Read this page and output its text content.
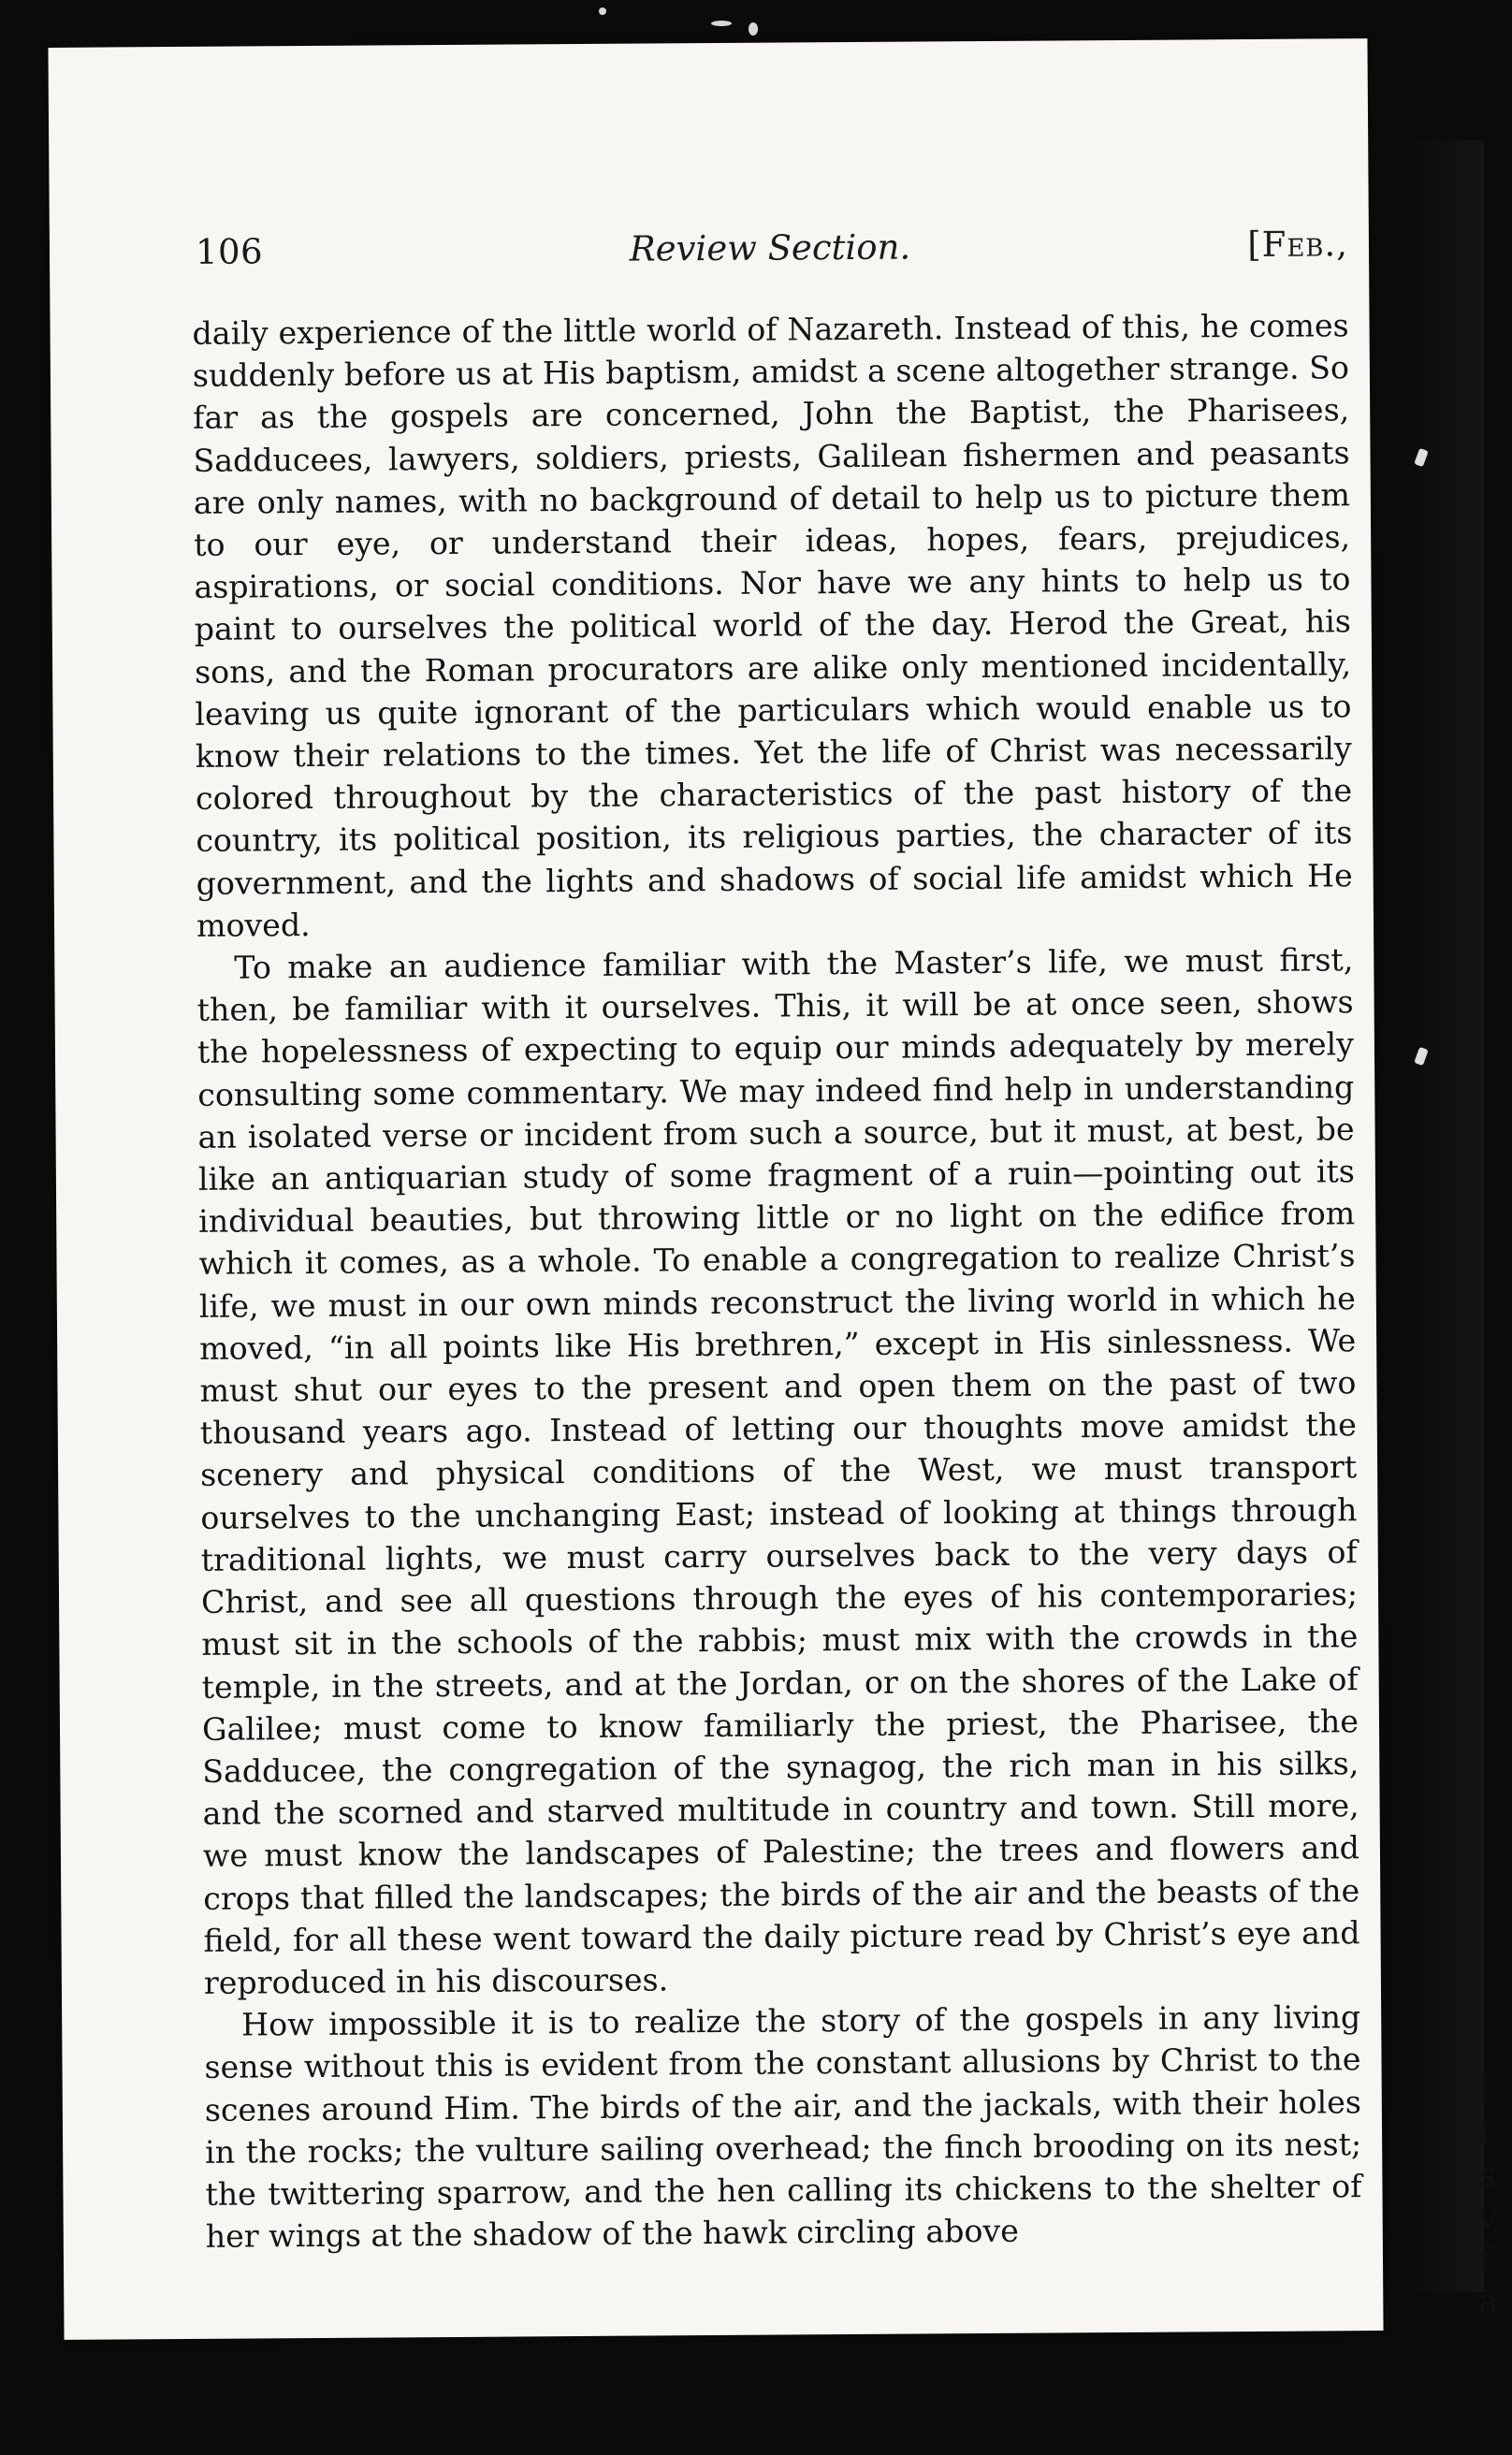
106	Review Section.	[Feb.,

daily experience of the little world of Nazareth. Instead of this, he comes suddenly before us at His baptism, amidst a scene altogether strange. So far as the gospels are concerned, John the Baptist, the Pharisees, Sadducees, lawyers, soldiers, priests, Galilean fishermen and peasants are only names, with no background of detail to help us to picture them to our eye, or understand their ideas, hopes, fears, prejudices, aspirations, or social conditions. Nor have we any hints to help us to paint to ourselves the political world of the day. Herod the Great, his sons, and the Roman procurators are alike only mentioned incidentally, leaving us quite ignorant of the particulars which would enable us to know their relations to the times. Yet the life of Christ was necessarily colored throughout by the characteristics of the past history of the country, its political position, its religious parties, the character of its government, and the lights and shadows of social life amidst which He moved.

To make an audience familiar with the Master’s life, we must first, then, be familiar with it ourselves. This, it will be at once seen, shows the hopelessness of expecting to equip our minds adequately by merely consulting some commentary. We may indeed find help in understanding an isolated verse or incident from such a source, but it must, at best, be like an antiquarian study of some fragment of a ruin—pointing out its individual beauties, but throwing little or no light on the edifice from which it comes, as a whole. To enable a congregation to realize Christ’s life, we must in our own minds reconstruct the living world in which he moved, “in all points like His brethren,” except in His sinlessness. We must shut our eyes to the present and open them on the past of two thousand years ago. Instead of letting our thoughts move amidst the scenery and physical conditions of the West, we must transport ourselves to the unchanging East; instead of looking at things through traditional lights, we must carry ourselves back to the very days of Christ, and see all questions through the eyes of his contemporaries; must sit in the schools of the rabbis; must mix with the crowds in the temple, in the streets, and at the Jordan, or on the shores of the Lake of Galilee; must come to know familiarly the priest, the Pharisee, the Sadducee, the congregation of the synagog, the rich man in his silks, and the scorned and starved multitude in country and town. Still more, we must know the landscapes of Palestine; the trees and flowers and crops that filled the landscapes; the birds of the air and the beasts of the field, for all these went toward the daily picture read by Christ’s eye and reproduced in his discourses.

How impossible it is to realize the story of the gospels in any living sense without this is evident from the constant allusions by Christ to the scenes around Him. The birds of the air, and the jackals, with their holes in the rocks; the vulture sailing overhead; the finch brooding on its nest; the twittering sparrow, and the hen calling its chickens to the shelter of her wings at the shadow of the hawk circling above

l
I
s
v
f
a
